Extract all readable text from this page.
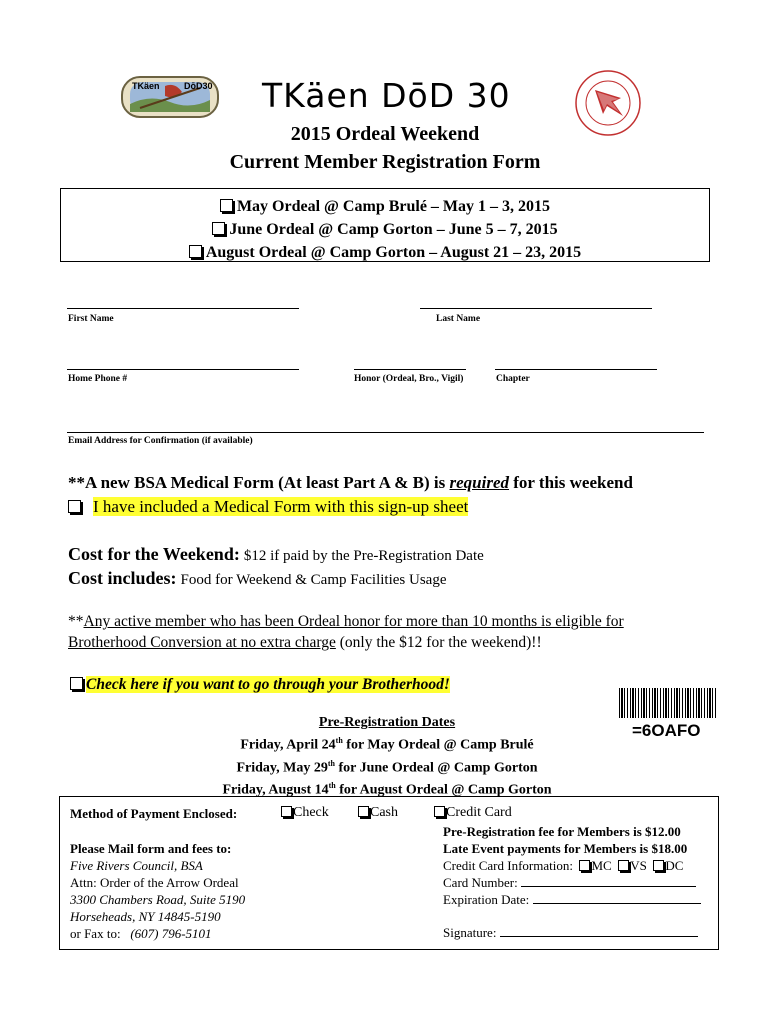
TKäen	DōD30 TKäen DōD 30
2015 Ordeal Weekend
Current Member Registration Form
May Ordeal @ Camp Brulé – May 1 – 3, 2015
June Ordeal @ Camp Gorton – June 5 – 7, 2015
August Ordeal @ Camp Gorton – August 21 – 23, 2015
First Name	Last Name
Home Phone #	Honor (Ordeal, Bro., Vigil)	Chapter
Email Address for Confirmation (if available)
**A new BSA Medical Form (At least Part A & B) is required for this weekend
I have included a Medical Form with this sign-up sheet
Cost for the Weekend: $12 if paid by the Pre-Registration Date
Cost includes: Food for Weekend & Camp Facilities Usage
**Any active member who has been Ordeal honor for more than 10 months is eligible for
Brotherhood Conversion at no extra charge (only the $12 for the weekend)!!
Check here if you want to go through your Brotherhood!
=6OAFO
Pre-Registration Dates
Friday, April 24th for May Ordeal @ Camp Brulé
Friday, May 29th for June Ordeal @ Camp Gorton
Friday, August 14th for August Ordeal @ Camp Gorton
Method of Payment Enclosed:	Check	Cash	Credit Card
Please Mail form and fees to:
Five Rivers Council, BSA
Attn: Order of the Arrow Ordeal
3300 Chambers Road, Suite 5190
Horseheads, NY 14845-5190
or Fax to: (607) 796-5101
Pre-Registration fee for Members is $12.00
Late Event payments for Members is $18.00
Credit Card Information: MC VS DC
Card Number:
Expiration Date:
Signature:
